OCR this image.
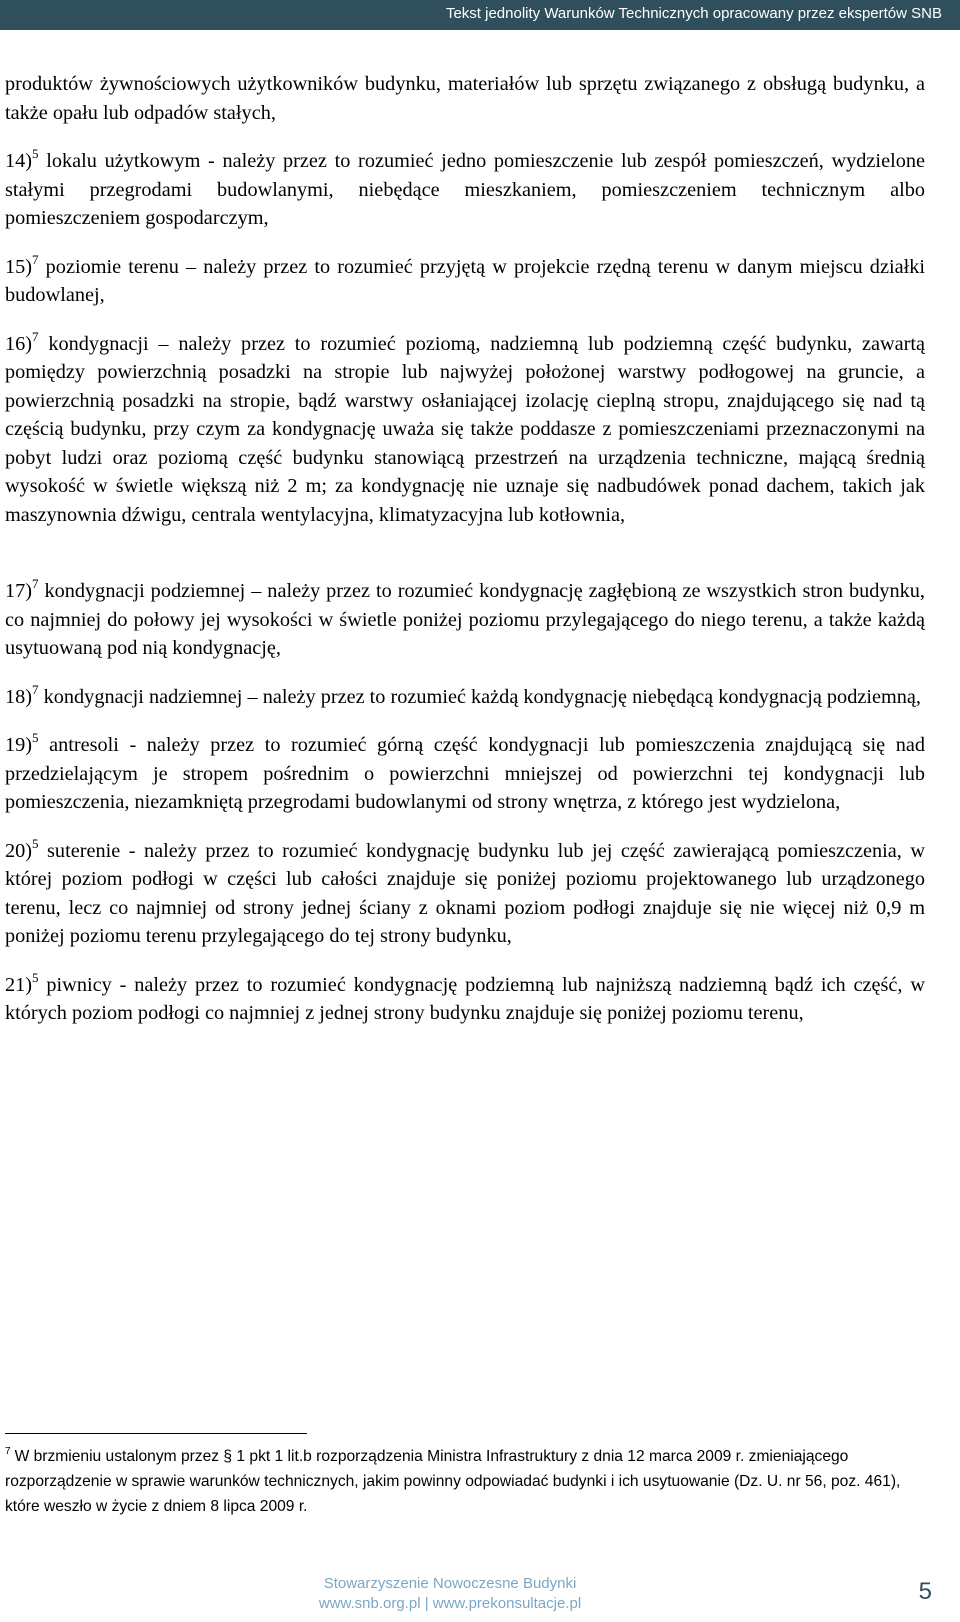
Tekst jednolity Warunków Technicznych opracowany przez ekspertów SNB

produktów żywnościowych użytkowników budynku, materiałów lub sprzętu związanego z obsługą budynku, a także opału lub odpadów stałych,

14)$^5$ lokalu użytkowym - należy przez to rozumieć jedno pomieszczenie lub zespół pomieszczeń, wydzielone stałymi przegrodami budowlanymi, niebędące mieszkaniem, pomieszczeniem technicznym albo pomieszczeniem gospodarczym,

15)$^7$ poziomie terenu – należy przez to rozumieć przyjętą w projekcie rzędną terenu w danym miejscu działki budowlanej,

16)$^7$ kondygnacji – należy przez to rozumieć poziomą, nadziemną lub podziemną część budynku, zawartą pomiędzy powierzchnią posadzki na stropie lub najwyżej położonej warstwy podłogowej na gruncie, a powierzchnią posadzki na stropie, bądź warstwy osłaniającej izolację cieplną stropu, znajdującego się nad tą częścią budynku, przy czym za kondygnację uważa się także poddasze z pomieszczeniami przeznaczonymi na pobyt ludzi oraz poziomą część budynku stanowiącą przestrzeń na urządzenia techniczne, mającą średnią wysokość w świetle większą niż 2 m; za kondygnację nie uznaje się nadbudówek ponad dachem, takich jak maszynownia dźwigu, centrala wentylacyjna, klimatyzacyjna lub kotłownia,

17)$^7$ kondygnacji podziemnej – należy przez to rozumieć kondygnację zagłębioną ze wszystkich stron budynku, co najmniej do połowy jej wysokości w świetle poniżej poziomu przylegającego do niego terenu, a także każdą usytuowaną pod nią kondygnację,

18)$^7$ kondygnacji nadziemnej – należy przez to rozumieć każdą kondygnację niebędącą kondygnacją podziemną,

19)$^5$ antresoli - należy przez to rozumieć górną część kondygnacji lub pomieszczenia znajdującą się nad przedzielającym je stropem pośrednim o powierzchni mniejszej od powierzchni tej kondygnacji lub pomieszczenia, niezamkniętą przegrodami budowlanymi od strony wnętrza, z którego jest wydzielona,

20)$^5$ suterenie - należy przez to rozumieć kondygnację budynku lub jej część zawierającą pomieszczenia, w której poziom podłogi w części lub całości znajduje się poniżej poziomu projektowanego lub urządzonego terenu, lecz co najmniej od strony jednej ściany z oknami poziom podłogi znajduje się nie więcej niż 0,9 m poniżej poziomu terenu przylegającego do tej strony budynku,

21)$^5$ piwnicy - należy przez to rozumieć kondygnację podziemną lub najniższą nadziemną bądź ich część, w których poziom podłogi co najmniej z jednej strony budynku znajduje się poniżej poziomu terenu,

$^7$ W brzmieniu ustalonym przez § 1 pkt 1 lit.b rozporządzenia Ministra Infrastruktury z dnia 12 marca 2009 r. zmieniającego rozporządzenie w sprawie warunków technicznych, jakim powinny odpowiadać budynki i ich usytuowanie (Dz. U. nr 56, poz. 461), które weszło w życie z dniem 8 lipca 2009 r.
Stowarzyszenie Nowoczesne Budynki
www.snb.org.pl | www.prekonsultacje.pl	5
